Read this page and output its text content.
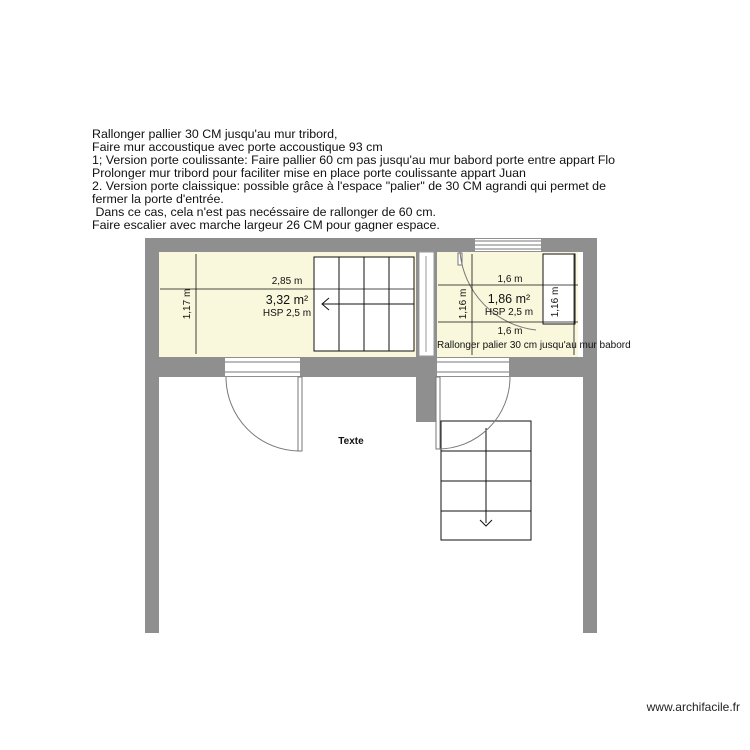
Rallonger pallier 30 CM jusqu'au mur tribord,
Faire mur accoustique avec porte accoustique 93 cm
1; Version porte coulissante: Faire pallier 60 cm pas jusqu'au mur babord porte entre appart Flo
Prolonger mur tribord pour faciliter mise en place porte coulissante appart Juan
2. Version porte claissique: possible grâce à l'espace "palier" de 30 CM agrandi qui permet de
fermer la porte d'entrée.
Dans ce cas, cela n'est pas necéssaire de rallonger de 60 cm.
Faire escalier avec marche largeur 26 CM pour gagner espace.
2,85 m
1,17 m	3,32 m²
HSP 2,5 m
1,6 m
1,6 m
1,16 m	1,16 m
1,86 m²
HSP 2,5 m
Rallonger palier 30 cm jusqu'au mur babord
Texte
www.archifacile.fr
